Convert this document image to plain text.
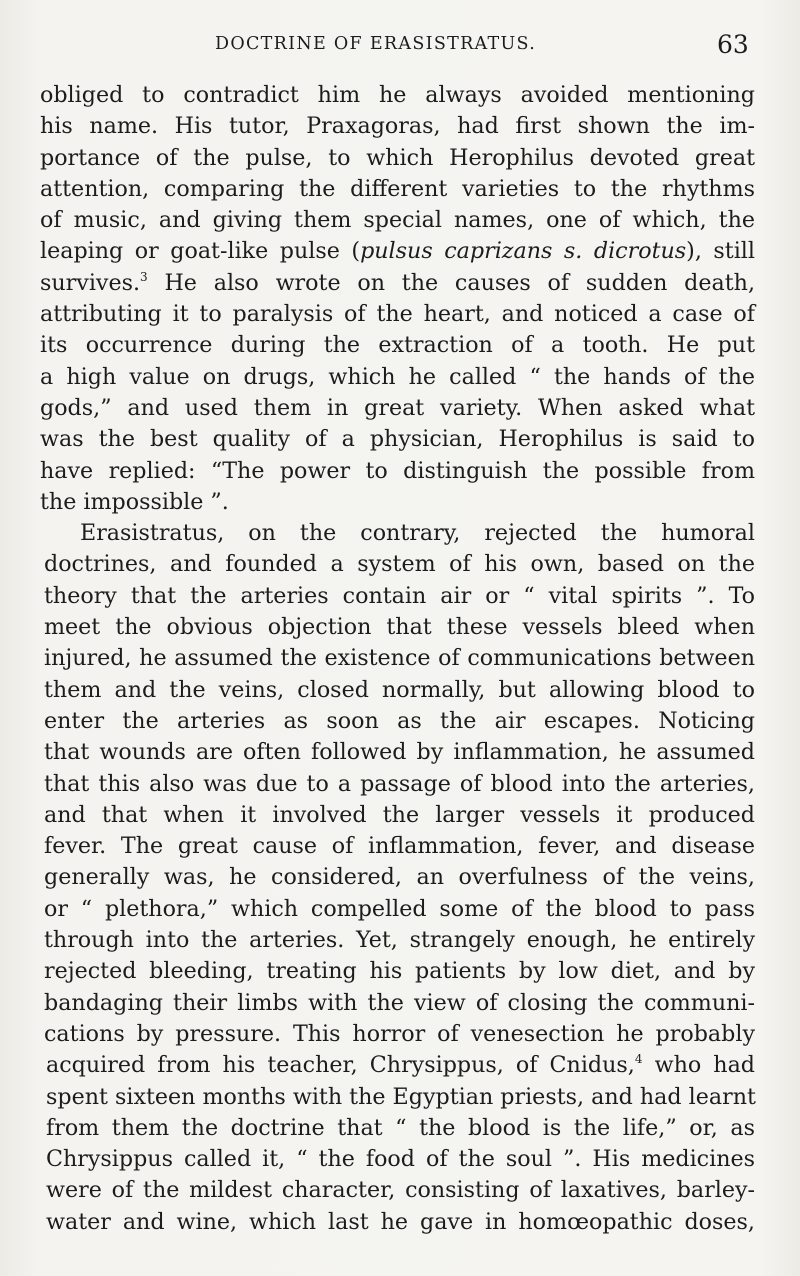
DOCTRINE OF ERASISTRATUS.	63
obliged to contradict him he always avoided mentioning
his name. His tutor, Praxagoras, had first shown the im-
portance of the pulse, to which Herophilus devoted great
attention, comparing the different varieties to the rhythms
of music, and giving them special names, one of which, the
leaping or goat-like pulse (pulsus caprizans s. dicrotus), still
survives.$^3$ He also wrote on the causes of sudden death,
attributing it to paralysis of the heart, and noticed a case of
its occurrence during the extraction of a tooth. He put
a high value on drugs, which he called “ the hands of the
gods,” and used them in great variety. When asked what
was the best quality of a physician, Herophilus is said to
have replied: “The power to distinguish the possible from
the impossible ”.
Erasistratus, on the contrary, rejected the humoral
doctrines, and founded a system of his own, based on the
theory that the arteries contain air or “ vital spirits ”. To
meet the obvious objection that these vessels bleed when
injured, he assumed the existence of communications between
them and the veins, closed normally, but allowing blood to
enter the arteries as soon as the air escapes. Noticing
that wounds are often followed by inflammation, he assumed
that this also was due to a passage of blood into the arteries,
and that when it involved the larger vessels it produced
fever. The great cause of inflammation, fever, and disease
generally was, he considered, an overfulness of the veins,
or “ plethora,” which compelled some of the blood to pass
through into the arteries. Yet, strangely enough, he entirely
rejected bleeding, treating his patients by low diet, and by
bandaging their limbs with the view of closing the communi-
cations by pressure. This horror of venesection he probably
acquired from his teacher, Chrysippus, of Cnidus,$^4$ who had
spent sixteen months with the Egyptian priests, and had learnt
from them the doctrine that “ the blood is the life,” or, as
Chrysippus called it, “ the food of the soul ”. His medicines
were of the mildest character, consisting of laxatives, barley-
water and wine, which last he gave in homœopathic doses,
